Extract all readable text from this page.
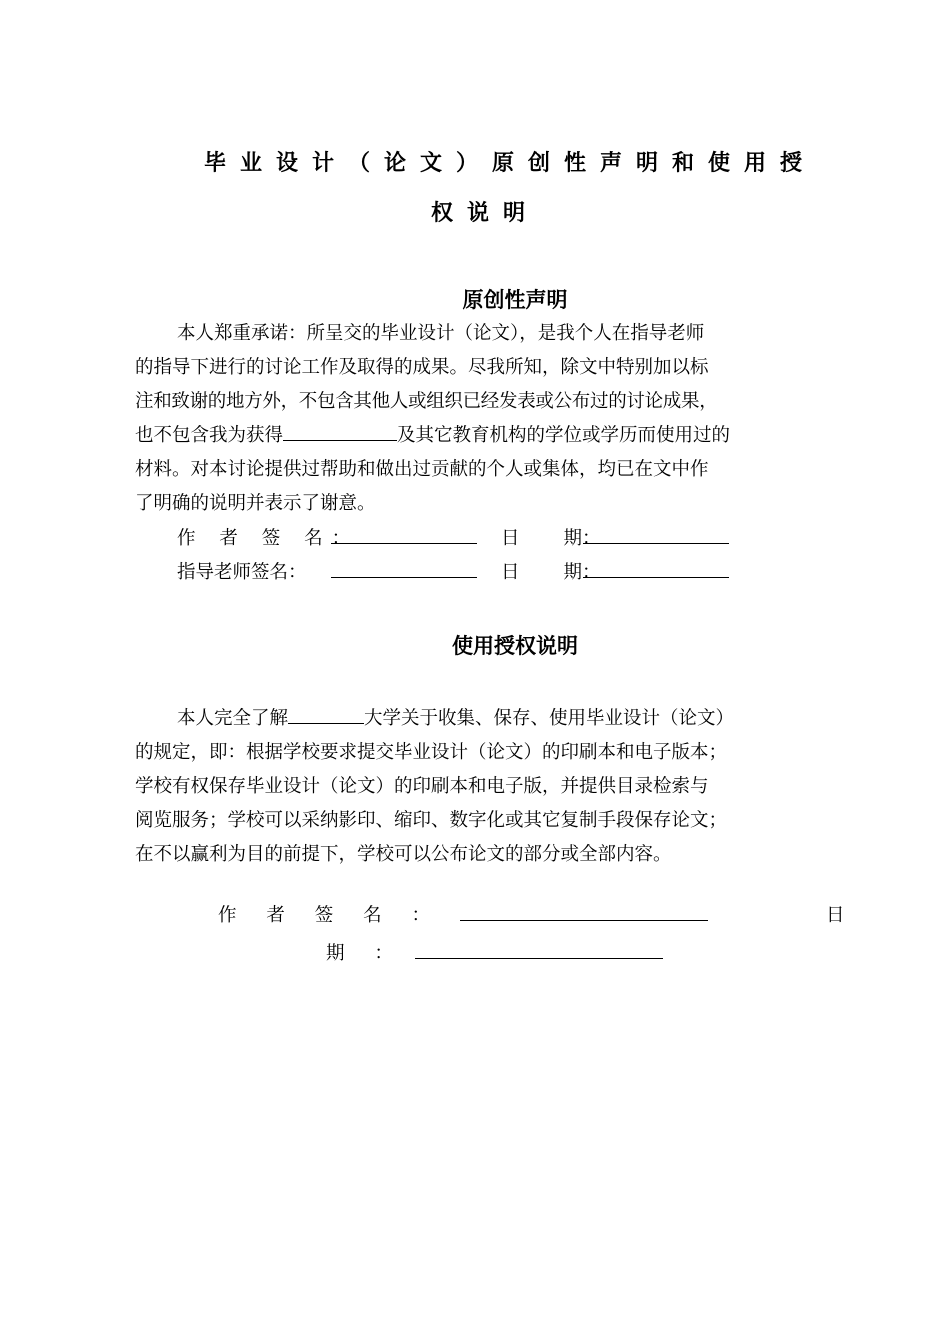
毕业设计（论文）原创性声明和使用授
权说明
原创性声明
本人郑重承诺：所呈交的毕业设计（论文），是我个人在指导老师
的指导下进行的讨论工作及取得的成果。尽我所知，除文中特别加以标
注和致谢的地方外，不包含其他人或组织已经发表或公布过的讨论成果，
也不包含我为获得	及其它教育机构的学位或学历而使用过的
材料。对本讨论提供过帮助和做出过贡献的个人或集体，均已在文中作
了明确的说明并表示了谢意。
作 者 签 名：	日 期：
指导老师签名：	日 期：
使用授权说明
本人完全了解	大学关于收集、保存、使用毕业设计（论文）
的规定，即：根据学校要求提交毕业设计（论文）的印刷本和电子版本；
学校有权保存毕业设计（论文）的印刷本和电子版，并提供目录检索与
阅览服务；学校可以采纳影印、缩印、数字化或其它复制手段保存论文；
在不以赢利为目的前提下，学校可以公布论文的部分或全部内容。
作 者 签 名 ：	日
期 ：
